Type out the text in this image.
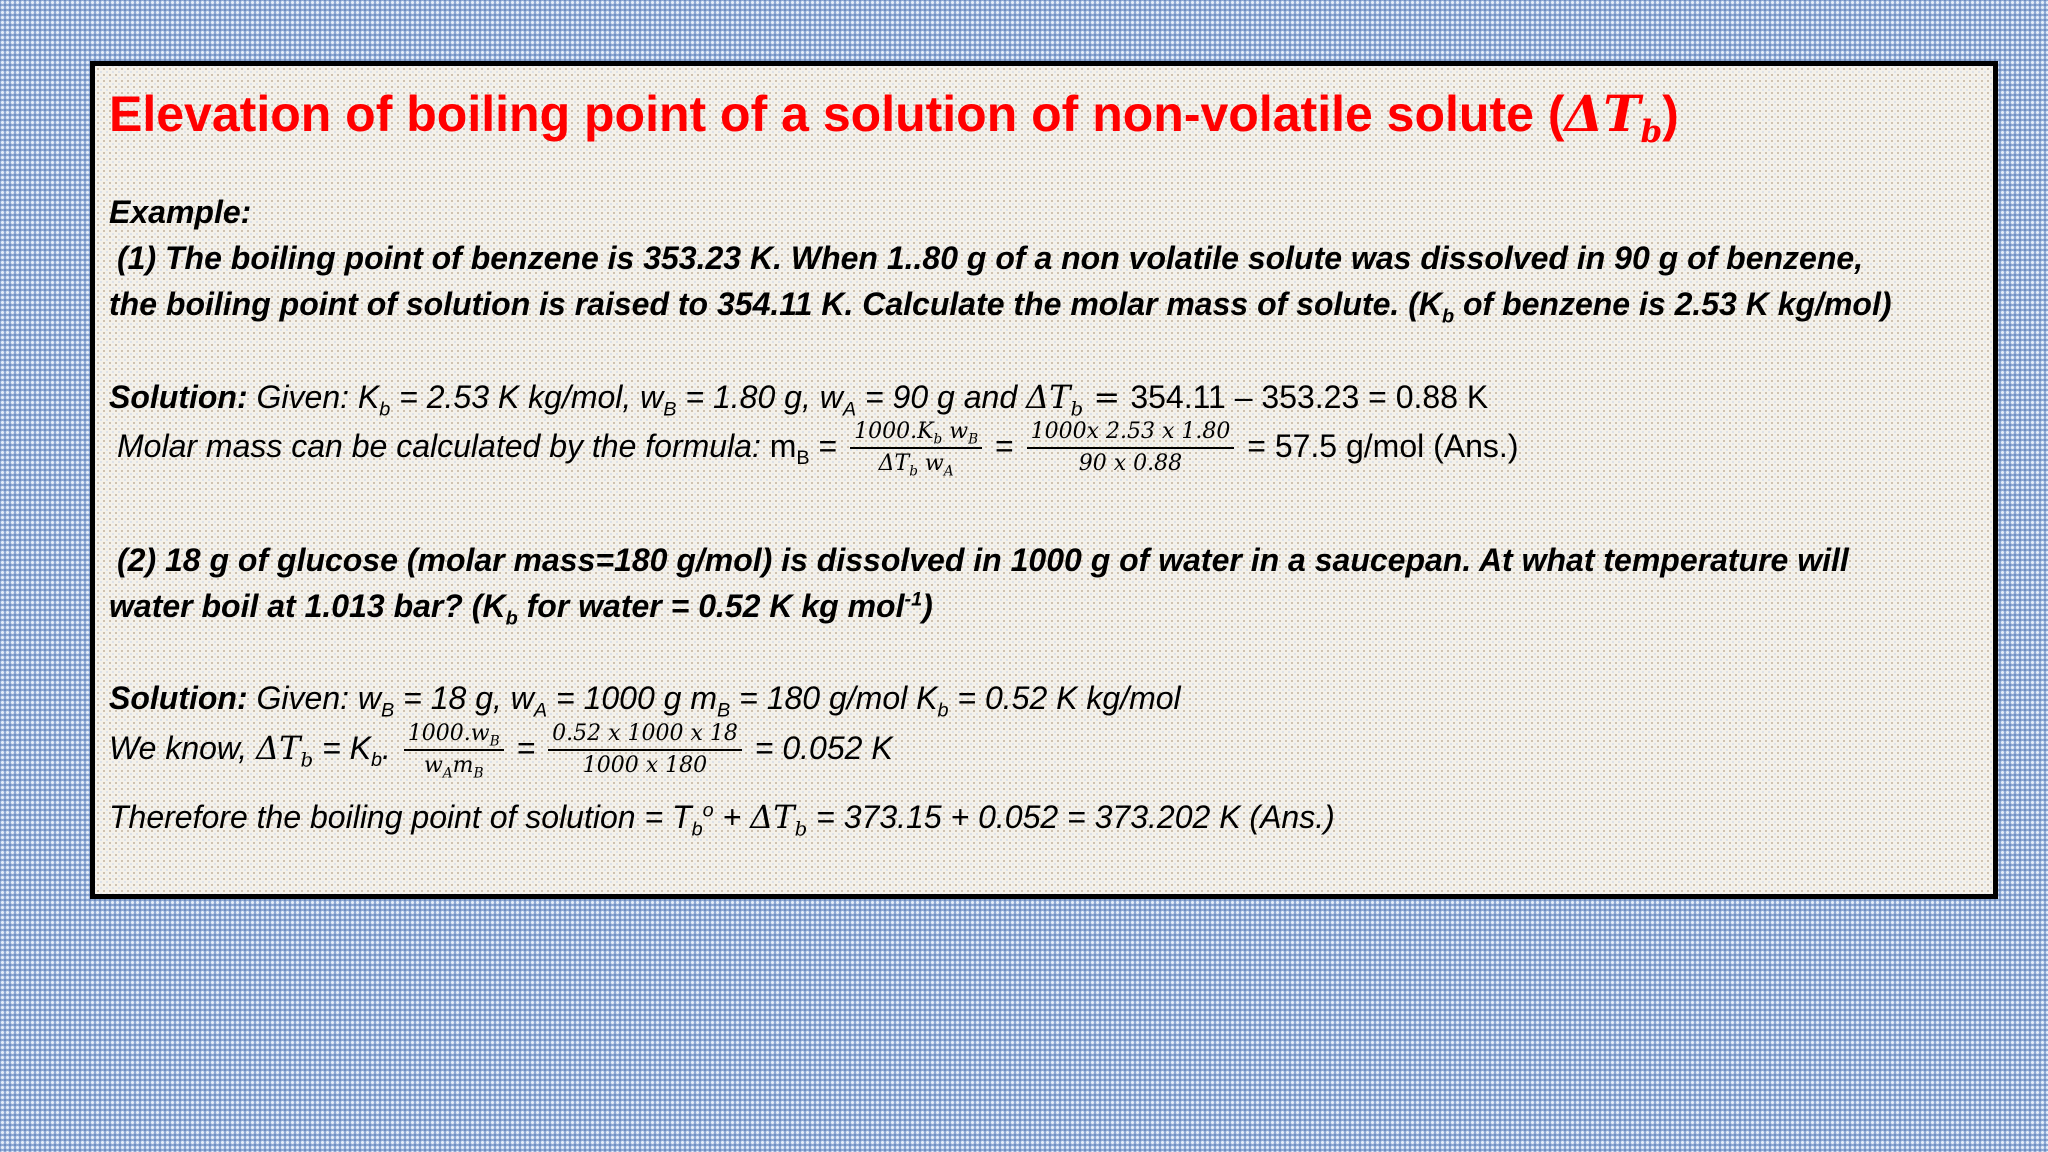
Elevation of boiling point of a solution of non-volatile solute $(\Delta T_b)$
Example:
(1) The boiling point of benzene is 353.23 K. When 1..80 g of a non volatile solute was dissolved in 90 g of benzene,
the boiling point of solution is raised to 354.11 K. Calculate the molar mass of solute. ($K_b$ of benzene is 2.53 K kg/mol)
Solution: Given: $K_b = 2.53$ K kg/mol, $w_B = 1.80$ g, $w_A = 90$ g and $\Delta T_b = 354.11 - 353.23 = 0.88$ K
Molar mass can be calculated by the formula: $m_B = \frac{1000.K_b w_B}{\Delta T_b w_A} = \frac{1000x 2.53 x 1.80}{90 x 0.88} = 57.5$ g/mol (Ans.)
(2) 18 g of glucose (molar mass=180 g/mol) is dissolved in 1000 g of water in a saucepan. At what temperature will
water boil at 1.013 bar? ($K_b$ for water = 0.52 K kg mol$^{-1}$)
Solution: Given: $w_B = 18$ g, $w_A = 1000$ g $m_B = 180$ g/mol $K_b = 0.52$ K kg/mol
We know, $\Delta T_b = K_b$. $\frac{1000.w_B}{w_Am_B} = \frac{0.52 x 1000 x 18}{1000 x 180} = 0.052$ K
Therefore the boiling point of solution = $T_b^o + \Delta T_b = 373.15 + 0.052 = 373.202$ K (Ans.)
